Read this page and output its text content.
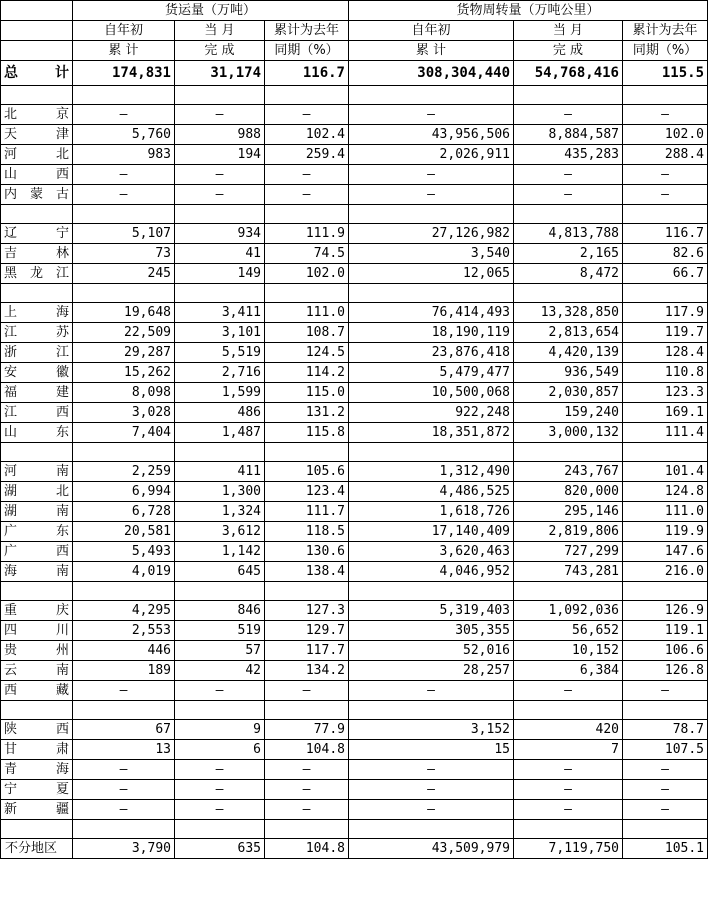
	货运量（万吨）			货物周转量（万吨公里）		
	自年初	当 月	累计为去年	自年初	当 月	累计为去年
	累 计	完 成	同期（%）	累 计	完 成	同期（%）
总 计	174,831	31,174	116.7	308,304,440	54,768,416	115.5

北京	–	–	–	–	–	–
天津	5,760	988	102.4	43,956,506	8,884,587	102.0
河北	983	194	259.4	2,026,911	435,283	288.4
山西	–	–	–	–	–	–
内蒙古	–	–	–	–	–	–

辽宁	5,107	934	111.9	27,126,982	4,813,788	116.7
吉林	73	41	74.5	3,540	2,165	82.6
黑龙江	245	149	102.0	12,065	8,472	66.7

上海	19,648	3,411	111.0	76,414,493	13,328,850	117.9
江苏	22,509	3,101	108.7	18,190,119	2,813,654	119.7
浙江	29,287	5,519	124.5	23,876,418	4,420,139	128.4
安徽	15,262	2,716	114.2	5,479,477	936,549	110.8
福建	8,098	1,599	115.0	10,500,068	2,030,857	123.3
江西	3,028	486	131.2	922,248	159,240	169.1
山东	7,404	1,487	115.8	18,351,872	3,000,132	111.4

河南	2,259	411	105.6	1,312,490	243,767	101.4
湖北	6,994	1,300	123.4	4,486,525	820,000	124.8
湖南	6,728	1,324	111.7	1,618,726	295,146	111.0
广东	20,581	3,612	118.5	17,140,409	2,819,806	119.9
广西	5,493	1,142	130.6	3,620,463	727,299	147.6
海南	4,019	645	138.4	4,046,952	743,281	216.0

重庆	4,295	846	127.3	5,319,403	1,092,036	126.9
四川	2,553	519	129.7	305,355	56,652	119.1
贵州	446	57	117.7	52,016	10,152	106.6
云南	189	42	134.2	28,257	6,384	126.8
西藏	–	–	–	–	–	–

陕西	67	9	77.9	3,152	420	78.7
甘肃	13	6	104.8	15	7	107.5
青海	–	–	–	–	–	–
宁夏	–	–	–	–	–	–
新疆	–	–	–	–	–	–

不分地区	3,790	635	104.8	43,509,979	7,119,750	105.1
